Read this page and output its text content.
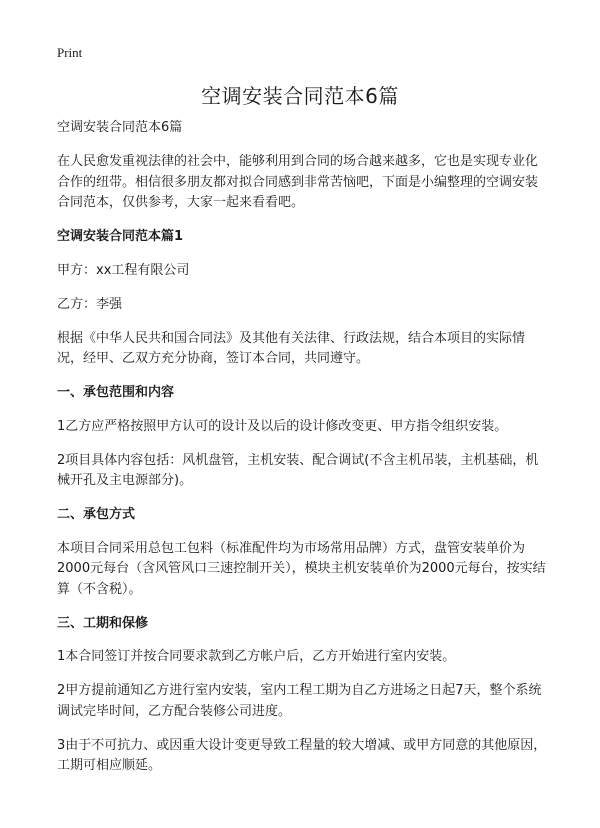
Print
空调安装合同范本6篇

空调安装合同范本6篇

在人民愈发重视法律的社会中，能够利用到合同的场合越来越多，它也是实现专业化合作的纽带。相信很多朋友都对拟合同感到非常苦恼吧，下面是小编整理的空调安装合同范本，仅供参考，大家一起来看看吧。

空调安装合同范本篇1

甲方：xx工程有限公司

乙方：李强

根据《中华人民共和国合同法》及其他有关法律、行政法规，结合本项目的实际情况，经甲、乙双方充分协商，签订本合同，共同遵守。

一、承包范围和内容

1乙方应严格按照甲方认可的设计及以后的设计修改变更、甲方指令组织安装。

2项目具体内容包括：风机盘管，主机安装、配合调试(不含主机吊装，主机基础，机械开孔及主电源部分)。

二、承包方式

本项目合同采用总包工包料（标准配件均为市场常用品牌）方式，盘管安装单价为2000元每台（含风管风口三速控制开关），模块主机安装单价为2000元每台，按实结算（不含税）。

三、工期和保修

1本合同签订并按合同要求款到乙方帐户后，乙方开始进行室内安装。

2甲方提前通知乙方进行室内安装，室内工程工期为自乙方进场之日起7天，整个系统调试完毕时间，乙方配合装修公司进度。

3由于不可抗力、或因重大设计变更导致工程量的较大增减、或甲方同意的其他原因，工期可相应顺延。
